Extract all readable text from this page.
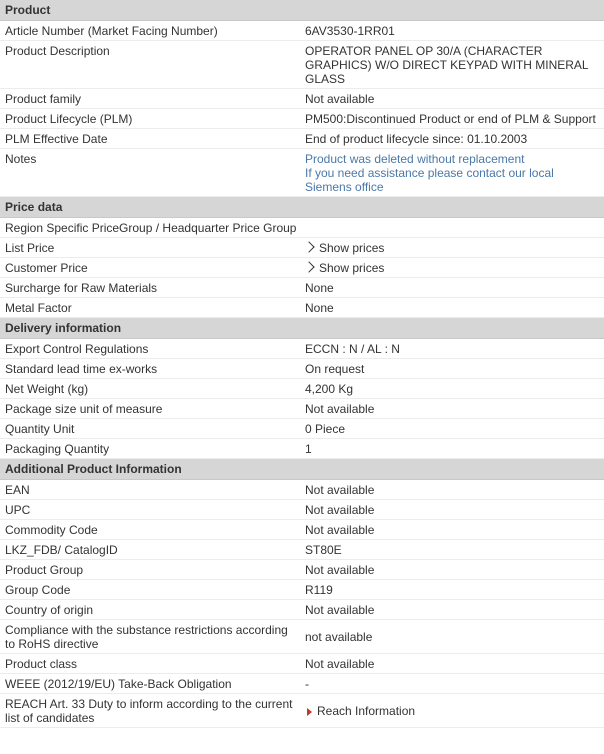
Product	
Article Number (Market Facing Number)	6AV3530-1RR01
Product Description	OPERATOR PANEL OP 30/A (CHARACTER GRAPHICS) W/O DIRECT KEYPAD WITH MINERAL GLASS
Product family	Not available
Product Lifecycle (PLM)	PM500:Discontinued Product or end of PLM & Support
PLM Effective Date	End of product lifecycle since: 01.10.2003
Notes	Product was deleted without replacement
If you need assistance please contact our local Siemens office

Price data	
Region Specific PriceGroup / Headquarter Price Group	
List Price	Show prices
Customer Price	Show prices
Surcharge for Raw Materials	None
Metal Factor	None
Delivery information	
Export Control Regulations	ECCN : N / AL : N
Standard lead time ex-works	On request
Net Weight (kg)	4,200 Kg
Package size unit of measure	Not available
Quantity Unit	0 Piece
Packaging Quantity	1
Additional Product Information	
EAN	Not available
UPC	Not available
Commodity Code	Not available
LKZ_FDB/ CatalogID	ST80E
Product Group	Not available
Group Code	R119
Country of origin	Not available
Compliance with the substance restrictions according to RoHS directive	not available
Product class	Not available
WEEE (2012/19/EU) Take-Back Obligation	-
REACH Art. 33 Duty to inform according to the current list of candidates	Reach Information
